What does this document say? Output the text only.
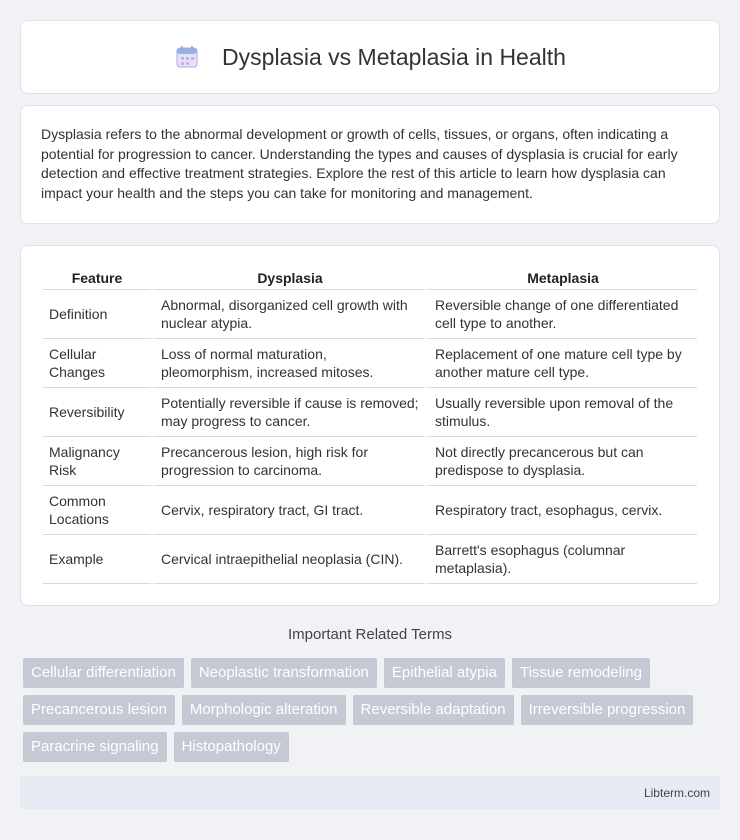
Dysplasia vs Metaplasia in Health

Dysplasia refers to the abnormal development or growth of cells, tissues, or organs, often indicating a potential for progression to cancer. Understanding the types and causes of dysplasia is crucial for early detection and effective treatment strategies. Explore the rest of this article to learn how dysplasia can impact your health and the steps you can take for monitoring and management.

Feature	Dysplasia	Metaplasia
Definition	Abnormal, disorganized cell growth with nuclear atypia.	Reversible change of one differentiated cell type to another.
Cellular Changes	Loss of normal maturation, pleomorphism, increased mitoses.	Replacement of one mature cell type by another mature cell type.
Reversibility	Potentially reversible if cause is removed; may progress to cancer.	Usually reversible upon removal of the stimulus.
Malignancy Risk	Precancerous lesion, high risk for progression to carcinoma.	Not directly precancerous but can predispose to dysplasia.
Common Locations	Cervix, respiratory tract, GI tract.	Respiratory tract, esophagus, cervix.
Example	Cervical intraepithelial neoplasia (CIN).	Barrett's esophagus (columnar metaplasia).
Important Related Terms
Cellular differentiation	Neoplastic transformation	Epithelial atypia	Tissue remodeling
Precancerous lesion	Morphologic alteration	Reversible adaptation	Irreversible progression
Paracrine signaling	Histopathology
Libterm.com
